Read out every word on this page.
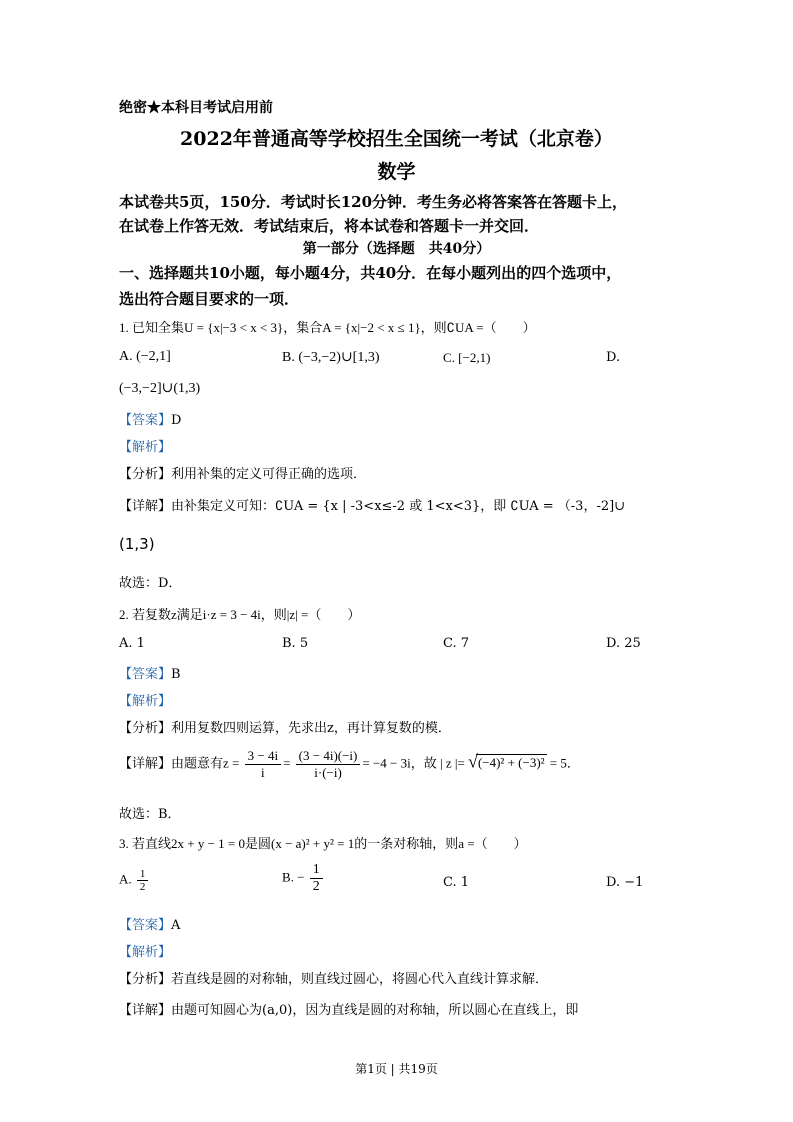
绝密★本科目考试启用前
2022年普通高等学校招生全国统一考试（北京卷）
数学
本试卷共5页，150分．考试时长120分钟．考生务必将答案答在答题卡上，
在试卷上作答无效．考试结束后，将本试卷和答题卡一并交回．
第一部分（选择题　共40分）
一、选择题共10小题，每小题4分，共40分．在每小题列出的四个选项中，
选出符合题目要求的一项．
1. 已知全集U = {x|−3 < x < 3}，集合A = {x|−2 < x ≤ 1}，则∁UA =（　　）
A. (−2,1]	B. (−3,−2)∪[1,3)	C. [−2,1)	D.
(−3,−2]∪(1,3)
【答案】D
【解析】
【分析】利用补集的定义可得正确的选项．
【详解】由补集定义可知：∁UA = {x | -3<x≤-2 或 1<x<3}，即 ∁UA = （-3，-2]∪
(1,3)
故选：D．
2. 若复数z满足i·z = 3 − 4i，则|z| =（　　）
A. 1	B. 5	C. 7	D. 25
【答案】B
【解析】
【分析】利用复数四则运算，先求出z，再计算复数的模．
【详解】由题意有$z = \frac{3 - 4i}{i} = \frac{(3 - 4i)(-i)}{i\cdot(-i)} = -4 - 3i$，故 | z |= √(−4)² + (−3)² = 5．
故选：B．
3. 若直线2x + y − 1 = 0是圆(x − a)² + y² = 1的一条对称轴，则a =（　　）
A. $\frac{1}{2}$	B. − $\frac{1}{2}$	C. 1	D. −1
【答案】A
【解析】
【分析】若直线是圆的对称轴，则直线过圆心，将圆心代入直线计算求解．
【详解】由题可知圆心为(a,0)，因为直线是圆的对称轴，所以圆心在直线上，即
第1页 | 共19页
